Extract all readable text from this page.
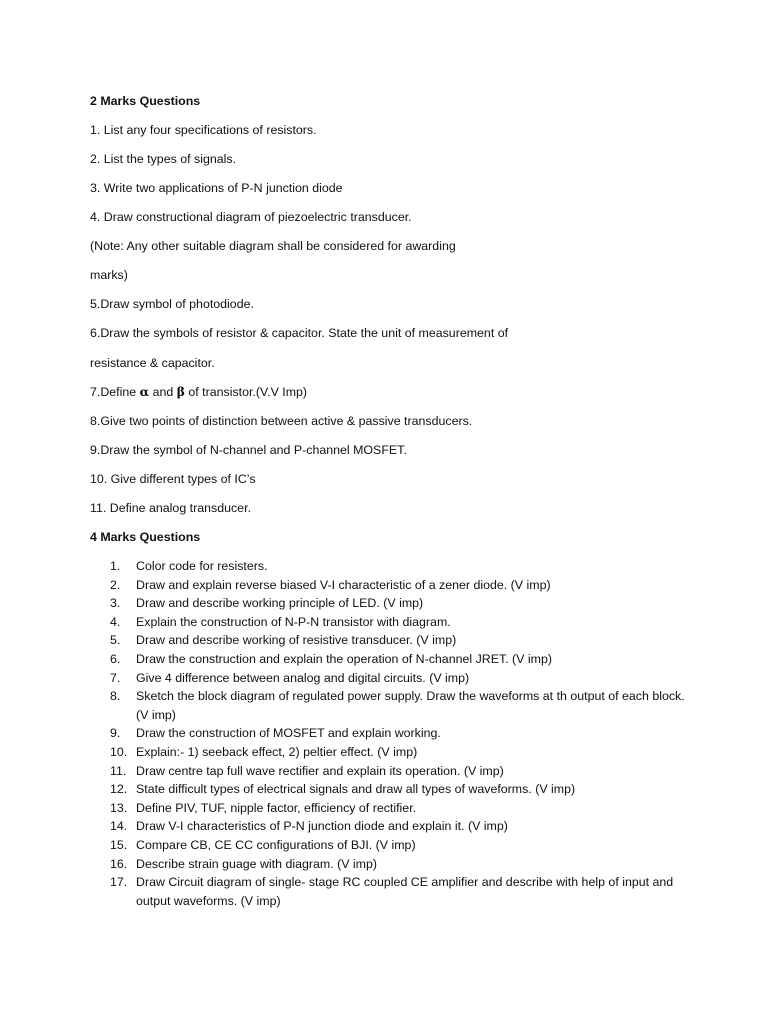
2 Marks Questions
1. List any four specifications of resistors.
2. List the types of signals.
3. Write two applications of P-N junction diode
4. Draw constructional diagram of piezoelectric transducer.
(Note: Any other suitable diagram shall be considered for awarding
marks)
5.Draw symbol of photodiode.
6.Draw the symbols of resistor & capacitor. State the unit of measurement of
resistance & capacitor.
7.Define α and β of transistor.(V.V Imp)
8.Give two points of distinction between active & passive transducers.
9.Draw the symbol of N-channel and P-channel MOSFET.
10. Give different types of IC’s
11. Define analog transducer.
4 Marks Questions
1.	Color code for resisters.
2.	Draw and explain reverse biased V-I characteristic of a zener diode. (V imp)
3.	Draw and describe working principle of LED. (V imp)
4.	Explain the construction of N-P-N transistor with diagram.
5.	Draw and describe working of resistive transducer. (V imp)
6.	Draw the construction and explain the operation of N-channel JRET. (V imp)
7.	Give 4 difference between analog and digital circuits. (V imp)
8.	Sketch the block diagram of regulated power supply. Draw the waveforms at th output of each block. (V imp)
9.	Draw the construction of MOSFET and explain working.
10. Explain:- 1) seeback effect, 2) peltier effect. (V imp)
11. Draw centre tap full wave rectifier and explain its operation. (V imp)
12. State difficult types of electrical signals and draw all types of waveforms. (V imp)
13. Define PIV, TUF, nipple factor, efficiency of rectifier.
14. Draw V-I characteristics of P-N junction diode and explain it. (V imp)
15. Compare CB, CE CC configurations of BJI. (V imp)
16. Describe strain guage with diagram. (V imp)
17. Draw Circuit diagram of single- stage RC coupled CE amplifier and describe with help of input and output waveforms. (V imp)
